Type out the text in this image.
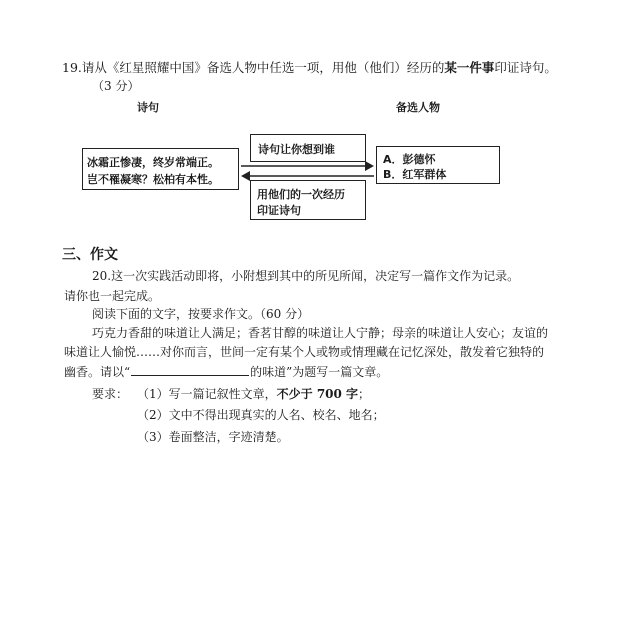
19.请从《红星照耀中国》备选人物中任选一项，用他（他们）经历的某一件事印证诗句。
（3 分）
诗句	备选人物
冰霜正惨凄，终岁常端正。
岂不罹凝寒？松柏有本性。
诗句让你想到谁
用他们的一次经历
印证诗句
A．彭德怀
B．红军群体
三、作文
20.这一次实践活动即将，小附想到其中的所见所闻，决定写一篇作文作为记录。
请你也一起完成。
阅读下面的文字，按要求作文。（60 分）
巧克力香甜的味道让人满足；香茗甘醇的味道让人宁静；母亲的味道让人安心；友谊的
味道让人愉悦……对你而言，世间一定有某个人或物或情理藏在记忆深处，散发着它独特的
幽香。请以“	的味道”为题写一篇文章。
要求： （1）写一篇记叙性文章，不少于 700 字；
（2）文中不得出现真实的人名、校名、地名；
（3）卷面整洁，字迹清楚。
